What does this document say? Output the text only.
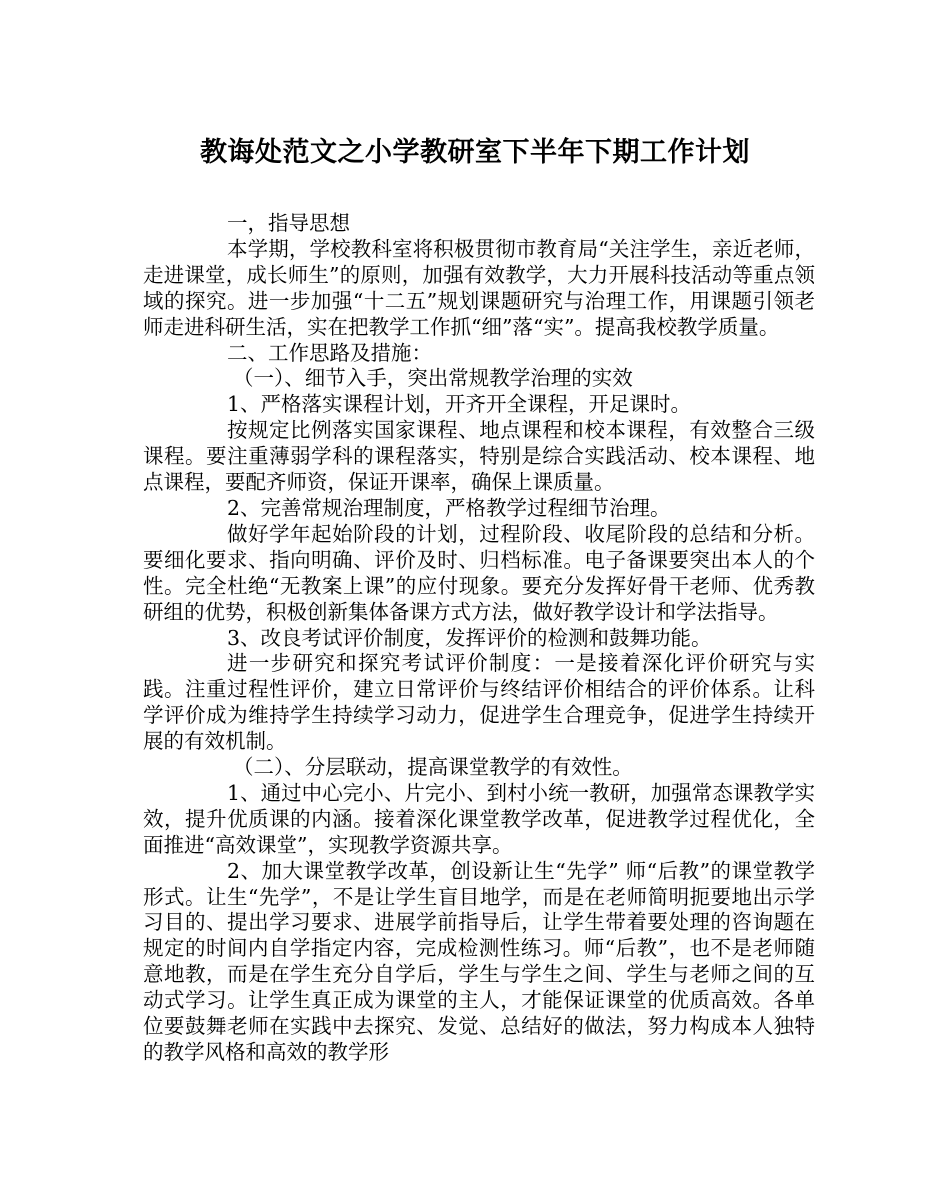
教诲处范文之小学教研室下半年下期工作计划

一，指导思想

本学期，学校教科室将积极贯彻市教育局“关注学生，亲近老师，走进课堂，成长师生”的原则，加强有效教学，大力开展科技活动等重点领域的探究。进一步加强“十二五”规划课题研究与治理工作，用课题引领老师走进科研生活，实在把教学工作抓“细”落“实”。提高我校教学质量。

二、工作思路及措施：

（一）、细节入手，突出常规教学治理的实效

1、严格落实课程计划，开齐开全课程，开足课时。

按规定比例落实国家课程、地点课程和校本课程，有效整合三级课程。要注重薄弱学科的课程落实，特别是综合实践活动、校本课程、地点课程，要配齐师资，保证开课率，确保上课质量。

2、完善常规治理制度，严格教学过程细节治理。

做好学年起始阶段的计划，过程阶段、收尾阶段的总结和分析。要细化要求、指向明确、评价及时、归档标准。电子备课要突出本人的个性。完全杜绝“无教案上课”的应付现象。要充分发挥好骨干老师、优秀教研组的优势，积极创新集体备课方式方法，做好教学设计和学法指导。

3、改良考试评价制度，发挥评价的检测和鼓舞功能。

进一步研究和探究考试评价制度：一是接着深化评价研究与实践。注重过程性评价，建立日常评价与终结评价相结合的评价体系。让科学评价成为维持学生持续学习动力，促进学生合理竞争，促进学生持续开展的有效机制。

（二）、分层联动，提高课堂教学的有效性。

1、通过中心完小、片完小、到村小统一教研，加强常态课教学实效，提升优质课的内涵。接着深化课堂教学改革，促进教学过程优化，全面推进“高效课堂”，实现教学资源共享。

2、加大课堂教学改革，创设新让生“先学” 师“后教”的课堂教学形式。让生“先学”，不是让学生盲目地学，而是在老师简明扼要地出示学习目的、提出学习要求、进展学前指导后，让学生带着要处理的咨询题在规定的时间内自学指定内容，完成检测性练习。师“后教”，也不是老师随意地教，而是在学生充分自学后，学生与学生之间、学生与老师之间的互动式学习。让学生真正成为课堂的主人，才能保证课堂的优质高效。各单位要鼓舞老师在实践中去探究、发觉、总结好的做法，努力构成本人独特的教学风格和高效的教学形
